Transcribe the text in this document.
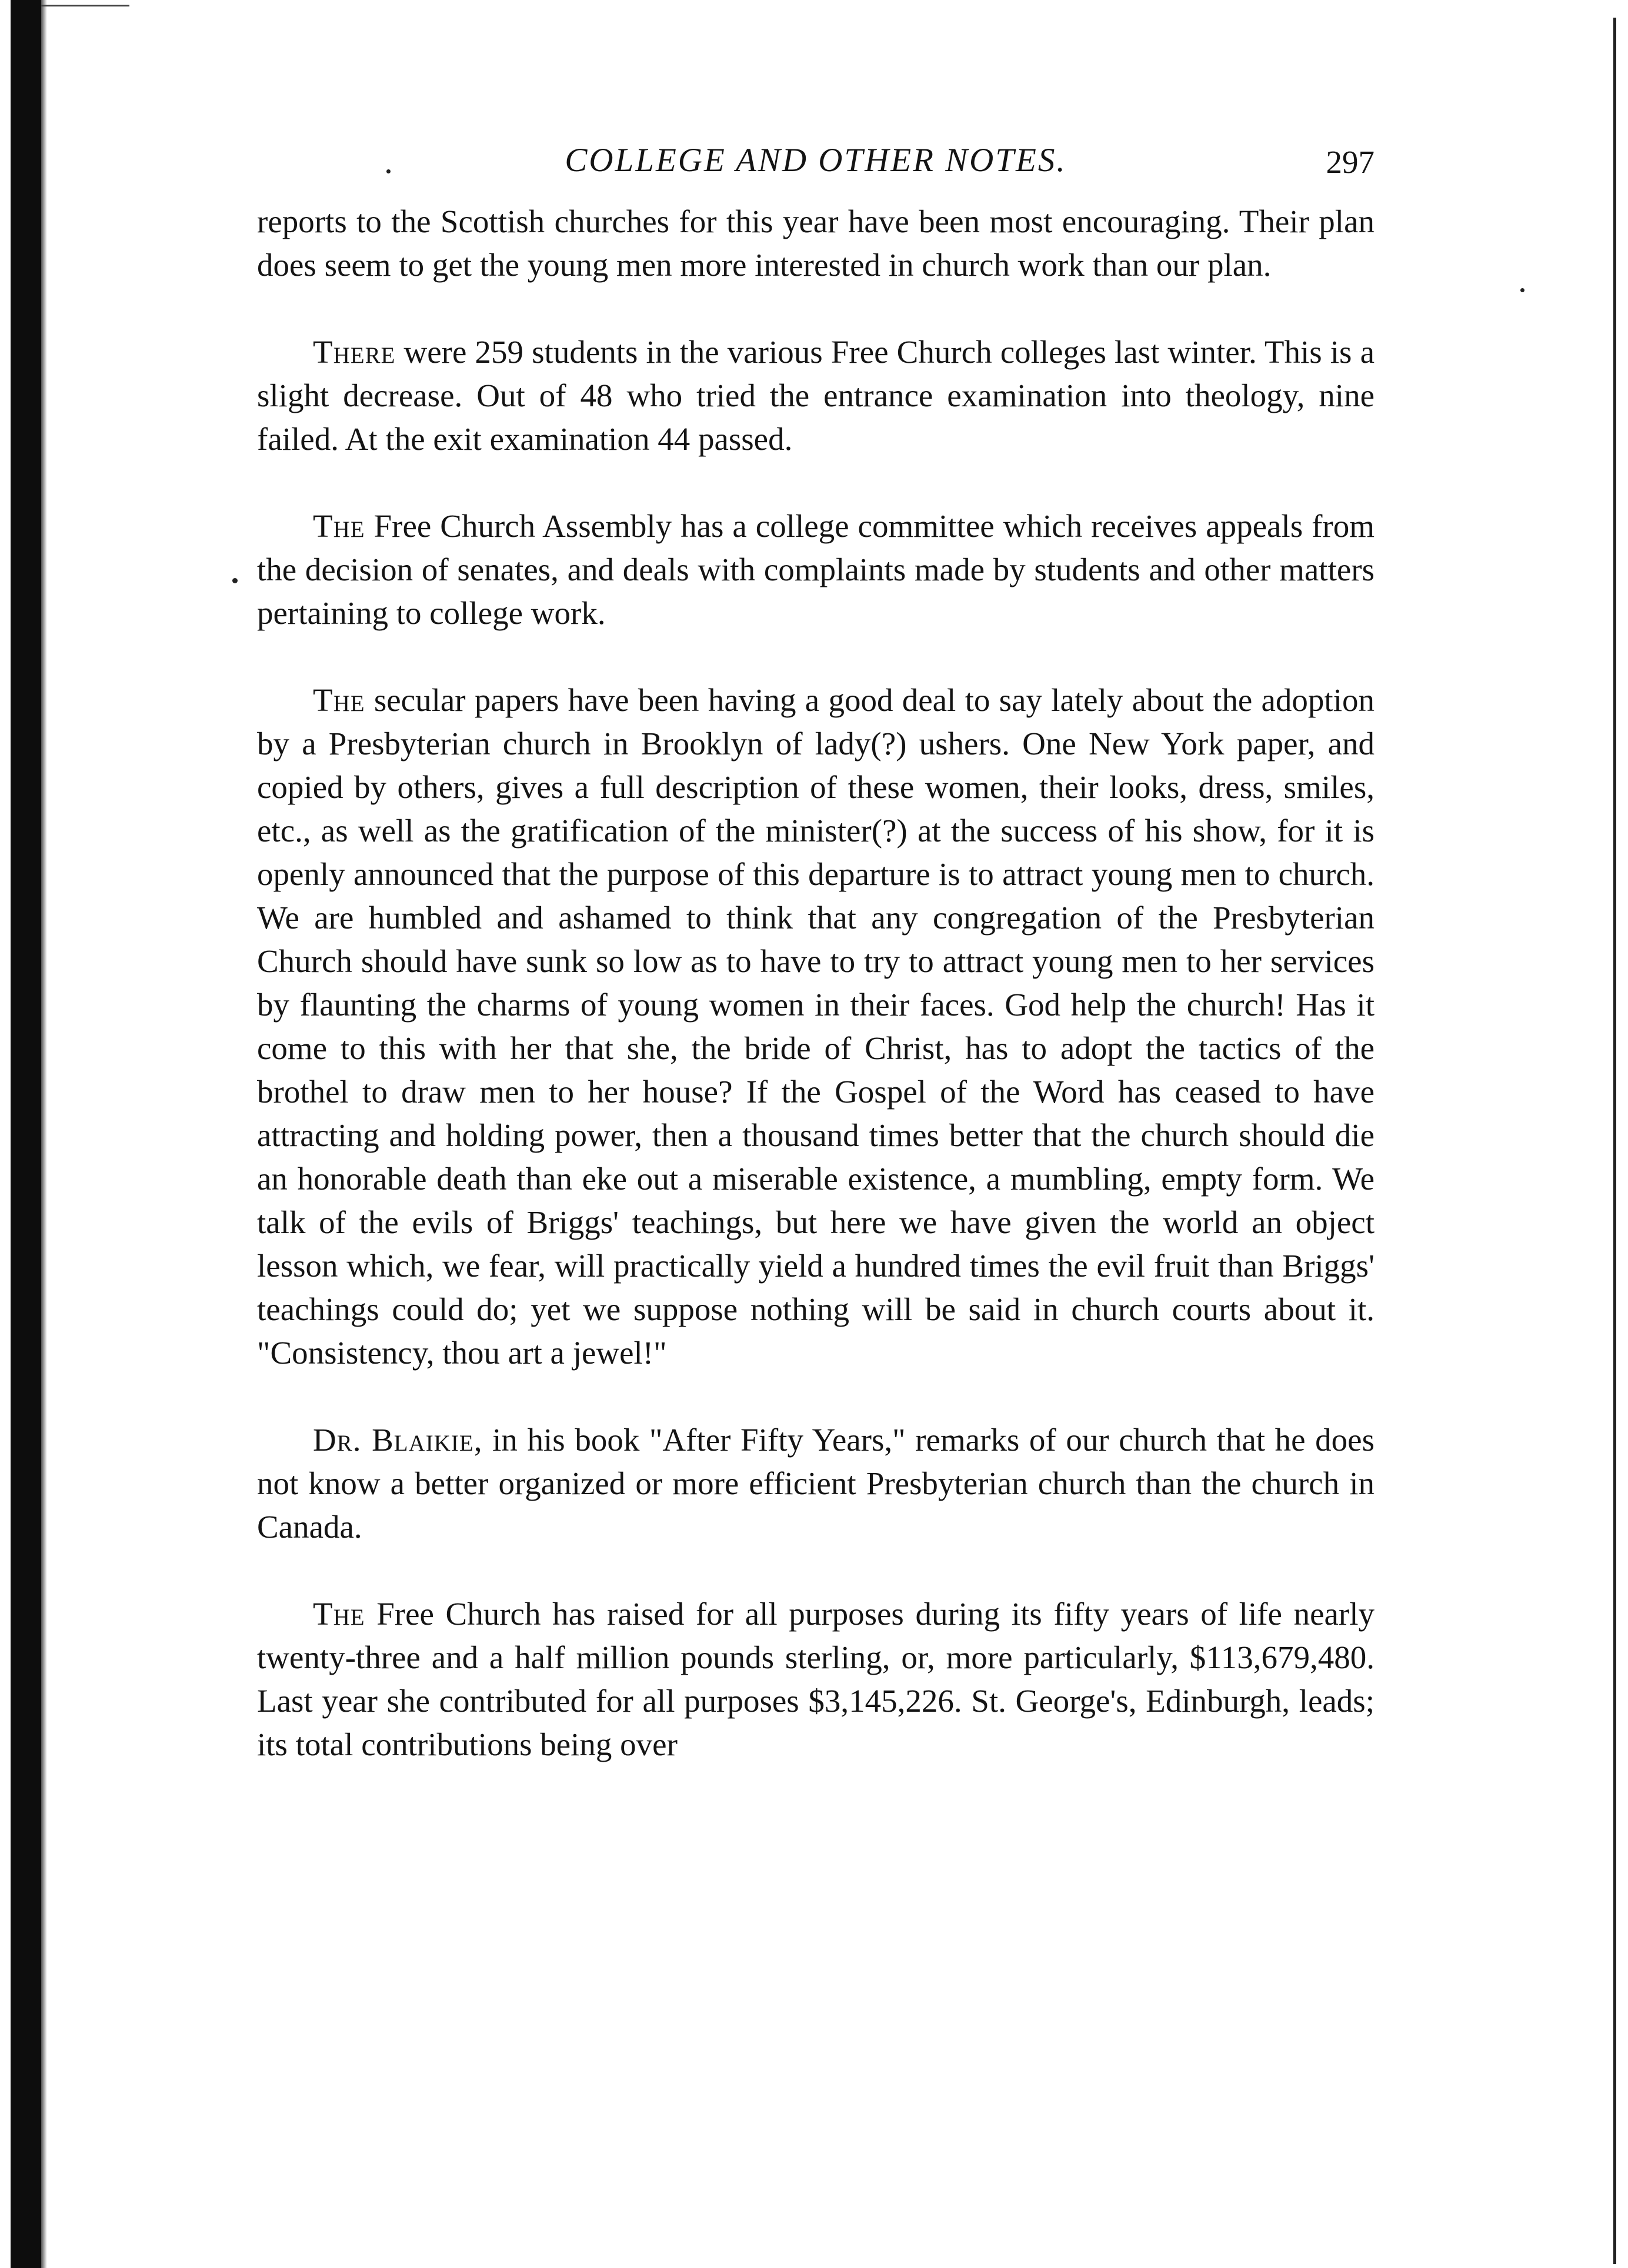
COLLEGE AND OTHER NOTES.	297

reports to the Scottish churches for this year have been most encouraging. Their plan does seem to get the young men more interested in church work than our plan.

There were 259 students in the various Free Church colleges last winter. This is a slight decrease. Out of 48 who tried the entrance examination into theology, nine failed. At the exit examination 44 passed.

The Free Church Assembly has a college committee which receives appeals from the decision of senates, and deals with complaints made by students and other matters pertaining to college work.

The secular papers have been having a good deal to say lately about the adoption by a Presbyterian church in Brooklyn of lady(?) ushers. One New York paper, and copied by others, gives a full description of these women, their looks, dress, smiles, etc., as well as the gratification of the minister(?) at the success of his show, for it is openly announced that the purpose of this departure is to attract young men to church. We are humbled and ashamed to think that any congregation of the Presbyterian Church should have sunk so low as to have to try to attract young men to her services by flaunting the charms of young women in their faces. God help the church! Has it come to this with her that she, the bride of Christ, has to adopt the tactics of the brothel to draw men to her house? If the Gospel of the Word has ceased to have attracting and holding power, then a thousand times better that the church should die an honorable death than eke out a miserable existence, a mumbling, empty form. We talk of the evils of Briggs' teachings, but here we have given the world an object lesson which, we fear, will practically yield a hundred times the evil fruit than Briggs' teachings could do; yet we suppose nothing will be said in church courts about it. "Consistency, thou art a jewel!"

Dr. Blaikie, in his book "After Fifty Years," remarks of our church that he does not know a better organized or more efficient Presbyterian church than the church in Canada.

The Free Church has raised for all purposes during its fifty years of life nearly twenty-three and a half million pounds sterling, or, more particularly, $113,679,480. Last year she contributed for all purposes $3,145,226. St. George's, Edinburgh, leads; its total contributions being over
